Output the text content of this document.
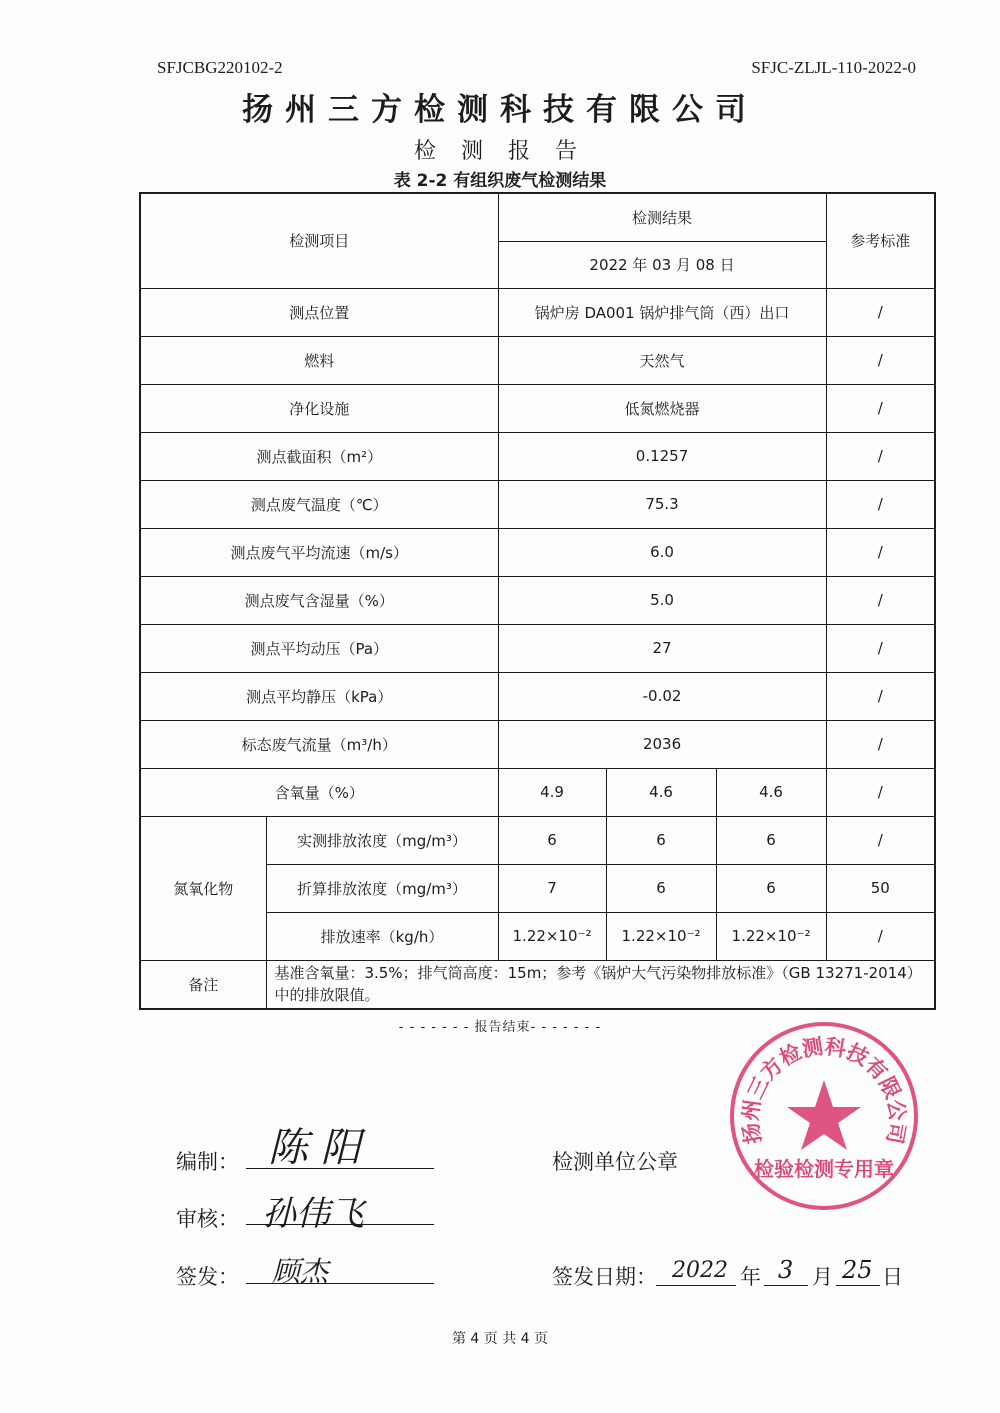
SFJCBG220102-2	SFJC-ZLJL-110-2022-0
扬州三方检测科技有限公司
检 测 报 告
表 2-2 有组织废气检测结果
检测项目		检测结果			参考标准
		2022 年 03 月 08 日			
测点位置		锅炉房 DA001 锅炉排气筒（西）出口			/
燃料		天然气			/
净化设施		低氮燃烧器			/
测点截面积（m²）		0.1257			/
测点废气温度（℃）		75.3			/
测点废气平均流速（m/s）		6.0			/
测点废气含湿量（%）		5.0			/
测点平均动压（Pa）		27			/
测点平均静压（kPa）		-0.02			/
标态废气流量（m³/h）		2036			/
含氧量（%）		4.9	4.6	4.6	/
氮氧化物	实测排放浓度（mg/m³）	6	6	6	/
	折算排放浓度（mg/m³）	7	6	6	50
	排放速率（kg/h）	1.22×10⁻²	1.22×10⁻²	1.22×10⁻²	/
备注	基准含氧量：3.5%；排气筒高度：15m；参考《锅炉大气污染物排放标准》（GB 13271-2014）中的排放限值。				
- - - - - - - 报告结束- - - - - - -
扬州三方检测科技有限公司
检验检测专用章
编制： 陈 阳
审核： 孙伟飞
签发： 顾杰
检测单位公章
签发日期： 2022 年 3 月 25 日
第 4 页 共 4 页
